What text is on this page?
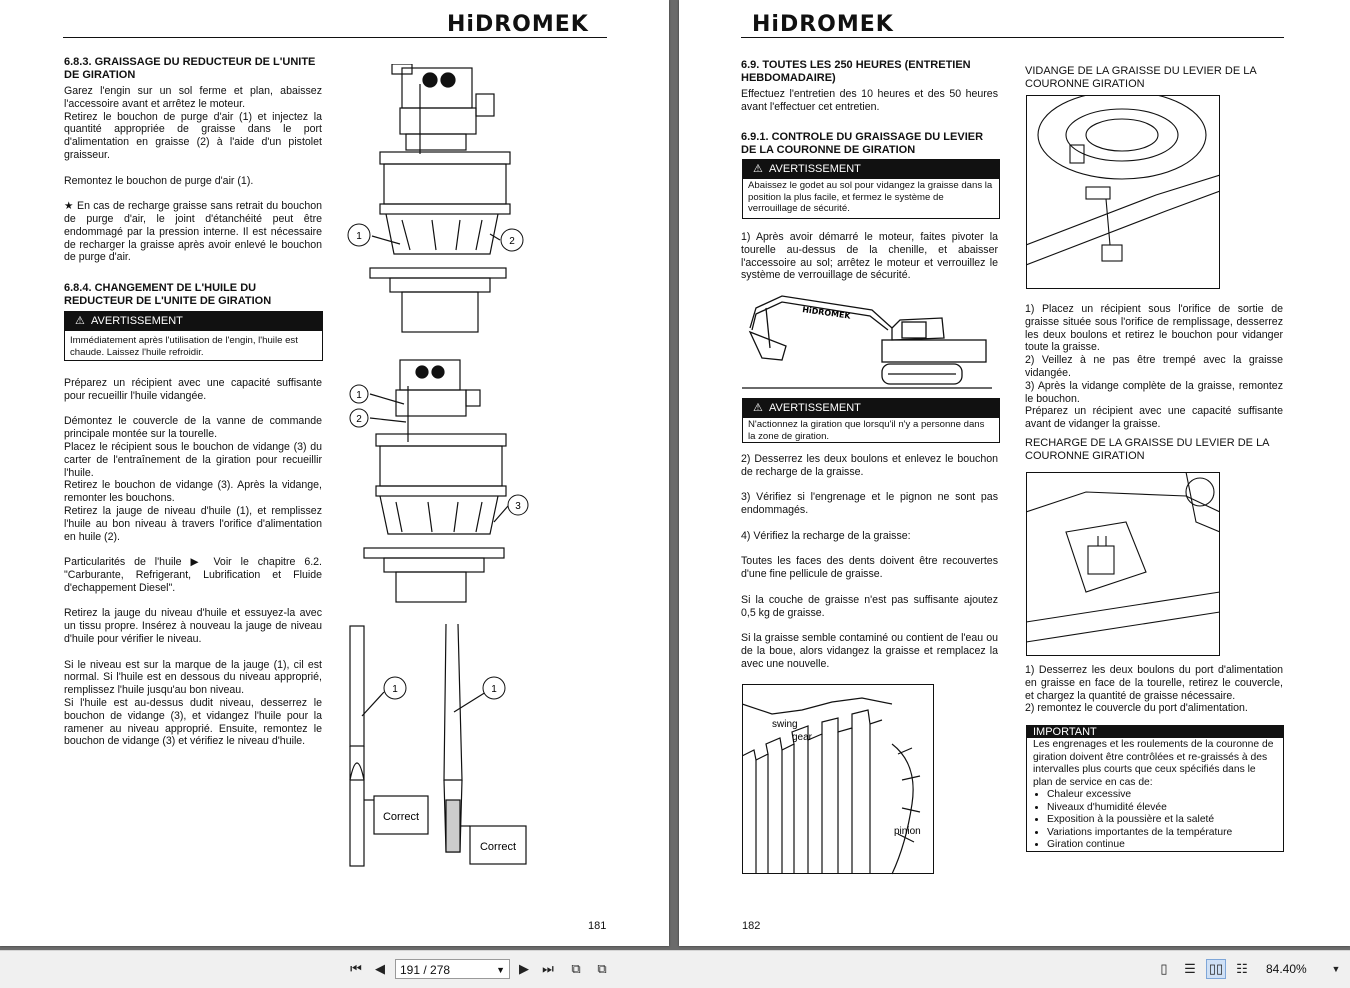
HiDROMEK
6.8.3. GRAISSAGE DU REDUCTEUR DE L'UNITE DE GIRATION

Garez l'engin sur un sol ferme et plan, abaissez l'accessoire avant et arrêtez le moteur.

Retirez le bouchon de purge d'air (1) et injectez la quantité appropriée de graisse dans le port d'alimentation en graisse (2) à l'aide d'un pistolet graisseur.

Remontez le bouchon de purge d'air (1).

★ En cas de recharge graisse sans retrait du bouchon de purge d'air, le joint d'étanchéité peut être endommagé par la pression interne. Il est nécessaire de recharger la graisse après avoir enlevé le bouchon de purge d'air.

6.8.4. CHANGEMENT DE L'HUILE DU REDUCTEUR DE L'UNITE DE GIRATION
⚠ AVERTISSEMENT
Immédiatement après l'utilisation de l'engin, l'huile est chaude. Laissez l'huile refroidir.

Préparez un récipient avec une capacité suffisante pour recueillir l'huile vidangée.

Démontez le couvercle de la vanne de commande principale montée sur la tourelle.

Placez le récipient sous le bouchon de vidange (3) du carter de l'entraînement de la giration pour recueillir l'huile.

Retirez le bouchon de vidange (3). Après la vidange, remonter les bouchons.

Retirez la jauge de niveau d'huile (1), et remplissez l'huile au bon niveau à travers l'orifice d'alimentation en huile (2).

Particularités de l'huile ▶ Voir le chapitre 6.2. "Carburante, Refrigerant, Lubrification et Fluide d'echappement Diesel".

Retirez la jauge du niveau d'huile et essuyez-la avec un tissu propre. Insérez à nouveau la jauge de niveau d'huile pour vérifier le niveau.

Si le niveau est sur la marque de la jauge (1), cil est normal. Si l'huile est en dessous du niveau approprié, remplissez l'huile jusqu'au bon niveau.

Si l'huile est au-dessus dudit niveau, desserrez le bouchon de vidange (3), et vidangez l'huile pour la ramener au niveau approprié. Ensuite, remontez le bouchon de vidange (3) et vérifiez le niveau d'huile.

1	2
1
2
3
1	1
Correct
Correct
181
HiDROMEK
6.9. TOUTES LES 250 HEURES (ENTRETIEN HEBDOMADAIRE)
Effectuez l'entretien des 10 heures et des 50 heures avant l'effectuer cet entretien.
6.9.1. CONTROLE DU GRAISSAGE DU LEVIER DE LA COURONNE DE GIRATION
⚠ AVERTISSEMENT
Abaissez le godet au sol pour vidangez la graisse dans la position la plus facile, et fermez le système de verrouillage de sécurité.
1) Après avoir démarré le moteur, faites pivoter la tourelle au-dessus de la chenille, et abaisser l'accessoire au sol; arrêtez le moteur et verrouillez le système de verrouillage de sécurité.
HiDROMEK
⚠ AVERTISSEMENT
N'actionnez la giration que lorsqu'il n'y a personne dans la zone de giration.

2) Desserrez les deux boulons et enlevez le bouchon de recharge de la graisse.

3) Vérifiez si l'engrenage et le pignon ne sont pas endommagés.

4) Vérifiez la recharge de la graisse:

Toutes les faces des dents doivent être recouvertes d'une fine pellicule de graisse.

Si la couche de graisse n'est pas suffisante ajoutez 0,5 kg de graisse.

Si la graisse semble contaminé ou contient de l'eau ou de la boue, alors vidangez la graisse et remplacez la avec une nouvelle.

swing
gear
pinion
VIDANGE DE LA GRAISSE DU LEVIER DE LA COURONNE GIRATION
1) Placez un récipient sous l'orifice de sortie de graisse située sous l'orifice de remplissage, desserrez les deux boulons et retirez le bouchon pour vidanger toute la graisse.
2) Veillez à ne pas être trempé avec la graisse vidangée.
3) Après la vidange complète de la graisse, remontez le bouchon.
Préparez un récipient avec une capacité suffisante avant de vidanger la graisse.
RECHARGE DE LA GRAISSE DU LEVIER DE LA COURONNE GIRATION
1) Desserrez les deux boulons du port d'alimentation en graisse en face de la tourelle, retirez le couvercle, et chargez la quantité de graisse nécessaire.
2) remontez le couvercle du port d'alimentation.
IMPORTANT
Les engrenages et les roulements de la couronne de giration doivent être contrôlées et re-graissés à des intervalles plus courts que ceux spécifiés dans le plan de service en cas de:
• Chaleur excessive
• Niveaux d'humidité élevée
• Exposition à la poussière et la saleté
• Variations importantes de la température
• Giration continue
182
⏮	◀	191 / 278	▼	▶	⏭	⧉	⧉	▯	☰	▯▯	☷	84.40%	▼
